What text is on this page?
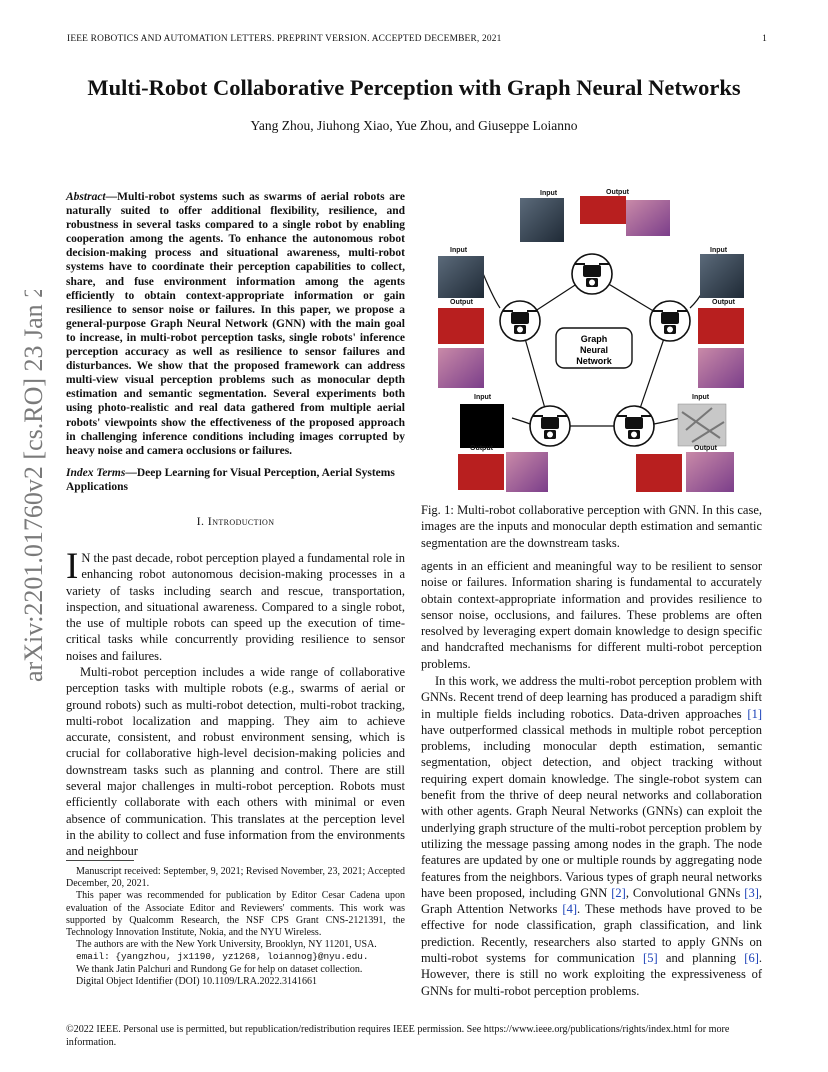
IEEE ROBOTICS AND AUTOMATION LETTERS. PREPRINT VERSION. ACCEPTED DECEMBER, 2021	1
Multi-Robot Collaborative Perception with Graph Neural Networks
Yang Zhou, Jiuhong Xiao, Yue Zhou, and Giuseppe Loianno
arXiv:2201.01760v2 [cs.RO] 23 Jan 2022
Abstract—Multi-robot systems such as swarms of aerial robots are naturally suited to offer additional flexibility, resilience, and robustness in several tasks compared to a single robot by enabling cooperation among the agents. To enhance the autonomous robot decision-making process and situational awareness, multi-robot systems have to coordinate their perception capabilities to collect, share, and fuse environment information among the agents efficiently to obtain context-appropriate information or gain resilience to sensor noise or failures. In this paper, we propose a general-purpose Graph Neural Network (GNN) with the main goal to increase, in multi-robot perception tasks, single robots' inference perception accuracy as well as resilience to sensor failures and disturbances. We show that the proposed framework can address multi-view visual perception problems such as monocular depth estimation and semantic segmentation. Several experiments both using photo-realistic and real data gathered from multiple aerial robots' viewpoints show the effectiveness of the proposed approach in challenging inference conditions including images corrupted by heavy noise and camera occlusions or failures.
Index Terms—Deep Learning for Visual Perception, Aerial Systems Applications
I. Introduction
I N the past decade, robot perception played a fundamental role in enhancing robot autonomous decision-making processes in a variety of tasks including search and rescue, transportation, inspection, and situational awareness. Compared to a single robot, the use of multiple robots can speed up the execution of time-critical tasks while concurrently providing resilience to sensor noises and failures.
Multi-robot perception includes a wide range of collaborative perception tasks with multiple robots (e.g., swarms of aerial or ground robots) such as multi-robot detection, multi-robot tracking, multi-robot localization and mapping. They aim to achieve accurate, consistent, and robust environment sensing, which is crucial for collaborative high-level decision-making policies and downstream tasks such as planning and control. There are still several major challenges in multi-robot perception. Robots must efficiently collaborate with each others with minimal or even absence of communication. This translates at the perception level in the ability to collect and fuse information from the environments and neighbour

Manuscript received: September, 9, 2021; Revised November, 23, 2021; Accepted December, 20, 2021.

This paper was recommended for publication by Editor Cesar Cadena upon evaluation of the Associate Editor and Reviewers' comments. This work was supported by Qualcomm Research, the NSF CPS Grant CNS-2121391, the Technology Innovation Institute, Nokia, and the NYU Wireless.

The authors are with the New York University, Brooklyn, NY 11201, USA.

email: {yangzhou, jx1190, yz1268, loiannog}@nyu.edu.

We thank Jatin Palchuri and Rundong Ge for help on dataset collection.

Digital Object Identifier (DOI) 10.1109/LRA.2022.3141661

©2022 IEEE. Personal use is permitted, but republication/redistribution requires IEEE permission. See https://www.ieee.org/publications/rights/index.html for more information.
Graph
Neural
Network
Input	Output
Input
Output
Input
Output
Input
Output
Input
Output
Fig. 1: Multi-robot collaborative perception with GNN. In this case, images are the inputs and monocular depth estimation and semantic segmentation are the downstream tasks.
agents in an efficient and meaningful way to be resilient to sensor noise or failures. Information sharing is fundamental to accurately obtain context-appropriate information and provides resilience to sensor noise, occlusions, and failures. These problems are often resolved by leveraging expert domain knowledge to design specific and handcrafted mechanisms for different multi-robot perception problems.
In this work, we address the multi-robot perception problem with GNNs. Recent trend of deep learning has produced a paradigm shift in multiple fields including robotics. Data-driven approaches [1] have outperformed classical methods in multiple robot perception problems, including monocular depth estimation, semantic segmentation, object detection, and object tracking without requiring expert domain knowledge. The single-robot system can benefit from the thrive of deep neural networks and collaboration with other agents. Graph Neural Networks (GNNs) can exploit the underlying graph structure of the multi-robot perception problem by utilizing the message passing among nodes in the graph. The node features are updated by one or multiple rounds by aggregating node features from the neighbors. Various types of graph neural networks have been proposed, including GNN [2], Convolutional GNNs [3], Graph Attention Networks [4]. These methods have proved to be effective for node classification, graph classification, and link prediction. Recently, researchers also started to apply GNNs on multi-robot systems for communication [5] and planning [6]. However, there is still no work exploiting the expressiveness of GNNs for multi-robot perception problems.
